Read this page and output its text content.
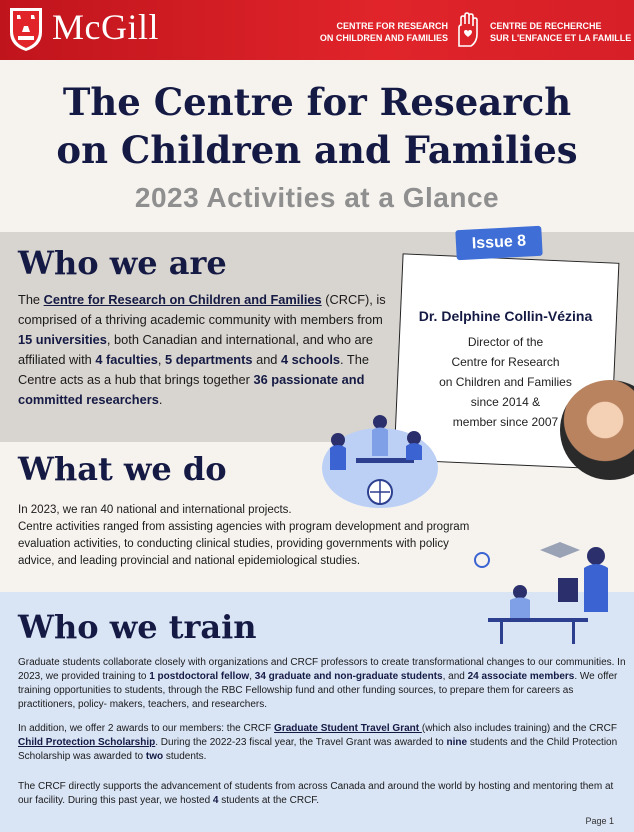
McGill	CENTRE FOR RESEARCH
ON CHILDREN AND FAMILIES
CENTRE DE RECHERCHE
SUR L'ENFANCE ET LA FAMILLE
The Centre for Research
on Children and Families
2023 Activities at a Glance
Who we are
The Centre for Research on Children and Families (CRCF), is comprised of a thriving academic community with members from 15 universities, both Canadian and international, and who are affiliated with 4 faculties, 5 departments and 4 schools. The Centre acts as a hub that brings together 36 passionate and committed researchers.
Issue 8
Dr. Delphine Collin-Vézina
Director of the
Centre for Research
on Children and Families
since 2014 &
member since 2007
What we do
In 2023, we ran 40 national and international projects.
Centre activities ranged from assisting agencies with program development and program evaluation activities, to conducting clinical studies, providing governments with policy advice, and leading provincial and national epidemiological studies.
Who we train
Graduate students collaborate closely with organizations and CRCF professors to create transformational changes to our communities. In 2023, we provided training to 1 postdoctoral fellow, 34 graduate and non-graduate students, and 24 associate members. We offer training opportunities to students, through the RBC Fellowship fund and other funding sources, to prepare them for careers as practitioners, policy- makers, teachers, and researchers.
In addition, we offer 2 awards to our members: the CRCF Graduate Student Travel Grant (which also includes training) and the CRCF Child Protection Scholarship. During the 2022-23 fiscal year, the Travel Grant was awarded to nine students and the Child Protection Scholarship was awarded to two students.
The CRCF directly supports the advancement of students from across Canada and around the world by hosting and mentoring them at our facility. During this past year, we hosted 4 students at the CRCF.
Page 1
